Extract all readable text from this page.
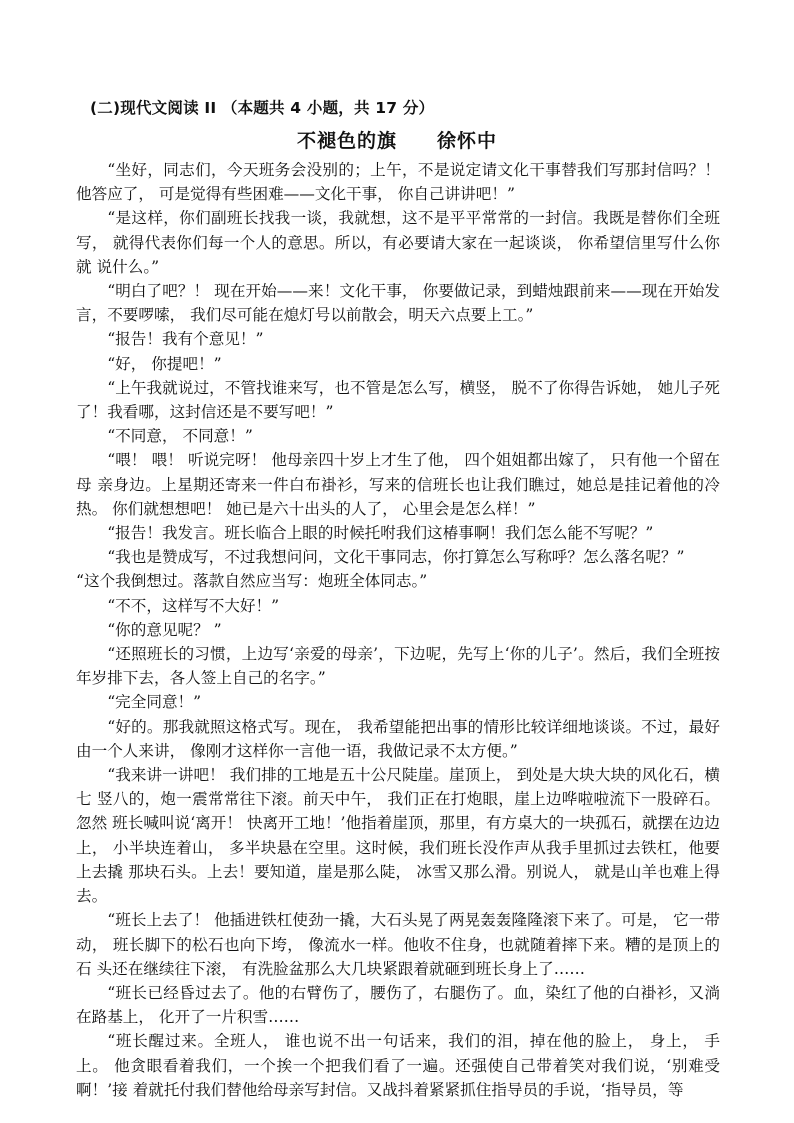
(二)现代文阅读 II （本题共 4 小题，共 17 分）
不褪色的旗 徐怀中

“坐好，同志们，今天班务会没别的；上午，不是说定请文化干事替我们写那封信吗？！ 他答应了， 可是觉得有些困难——文化干事， 你自己讲讲吧！”

“是这样，你们副班长找我一谈，我就想，这不是平平常常的一封信。我既是替你们全班 写， 就得代表你们每一个人的意思。所以，有必要请大家在一起谈谈， 你希望信里写什么你就 说什么。”

“明白了吧？！ 现在开始——来！文化干事， 你要做记录，到蜡烛跟前来——现在开始发 言，不要啰嗦， 我们尽可能在熄灯号以前散会，明天六点要上工。”

“报告！我有个意见！”

“好， 你提吧！”

“上午我就说过，不管找谁来写，也不管是怎么写，横竖， 脱不了你得告诉她， 她儿子死 了！我看哪，这封信还是不要写吧！”

“不同意， 不同意！”

“喂！ 喂！ 听说完呀！ 他母亲四十岁上才生了他， 四个姐姐都出嫁了， 只有他一个留在母 亲身边。上星期还寄来一件白布褂衫，写来的信班长也让我们瞧过，她总是挂记着他的冷热。 你们就想想吧！ 她已是六十出头的人了， 心里会是怎么样！”

“报告！我发言。班长临合上眼的时候托咐我们这椿事啊！我们怎么能不写呢？”

“我也是赞成写，不过我想问问，文化干事同志，你打算怎么写称呼？怎么落名呢？”

“这个我倒想过。落款自然应当写：炮班全体同志。”

“不不，这样写不大好！”

“你的意见呢？ ”

“还照班长的习惯，上边写‘亲爱的母亲’，下边呢，先写上‘你的儿子’。然后，我们全班按年岁排下去，各人签上自己的名字。”

“完全同意！”

“好的。那我就照这格式写。现在， 我希望能把出事的情形比较详细地谈谈。不过，最好 由一个人来讲， 像刚才这样你一言他一语，我做记录不太方便。”

“我来讲一讲吧！ 我们排的工地是五十公尺陡崖。崖顶上， 到处是大块大块的风化石，横七 竖八的，炮一震常常往下滚。前天中午， 我们正在打炮眼，崖上边哗啦啦流下一股碎石。忽然 班长喊叫说‘离开！ 快离开工地！’他指着崖顶，那里，有方桌大的一块孤石，就摆在边边上， 小半块连着山， 多半块悬在空里。这时候，我们班长没作声从我手里抓过去铁杠，他要上去撬 那块石头。上去！要知道，崖是那么陡， 冰雪又那么滑。别说人， 就是山羊也难上得去。

“班长上去了！ 他插进铁杠使劲一撬，大石头晃了两晃轰轰隆隆滚下来了。可是， 它一带 动， 班长脚下的松石也向下垮， 像流水一样。他收不住身，也就随着摔下来。糟的是顶上的石 头还在继续往下滚， 有洗脸盆那么大几块紧跟着就砸到班长身上了……

“班长已经昏过去了。他的右臂伤了，腰伤了，右腿伤了。血，染红了他的白褂衫，又淌 在路基上， 化开了一片积雪……

“班长醒过来。全班人， 谁也说不出一句话来，我们的泪，掉在他的脸上， 身上， 手上。 他贪眼看着我们，一个挨一个把我们看了一遍。还强使自己带着笑对我们说，‘别难受啊！’接 着就托付我们替他给母亲写封信。又战抖着紧紧抓住指导员的手说，‘指导员，等
